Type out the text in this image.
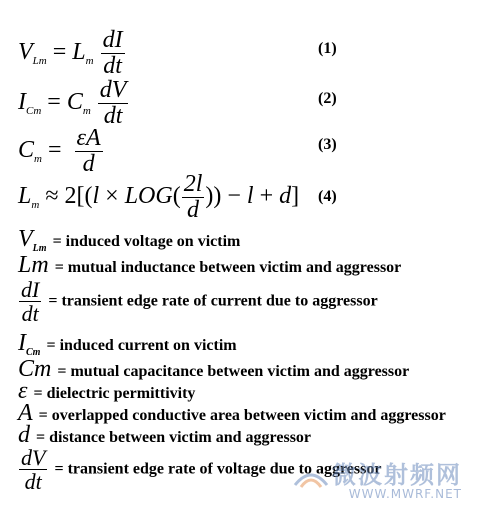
$V_{Lm} = L_m \frac{dI}{dt}$	(1)
$I_{Cm} = C_m \frac{dV}{dt}$	(2)
$C_m = \frac{\varepsilon A}{d}$	(3)
$L_m \approx 2[(l \times LOG( \frac{2l}{d}$ )) − l + d] (4)
$V_{Lm}$ = induced voltage on victim
Lm = mutual inductance between victim and aggressor
$\frac{dI}{dt}$ = transient edge rate of current due to aggressor
$I_{Cm}$ = induced current on victim
Cm = mutual capacitance between victim and aggressor
ε = dielectric permittivity
A = overlapped conductive area between victim and aggressor
d = distance between victim and aggressor
$\frac{dV}{dt}$ = transient edge rate of voltage due to aggressor
微波射频网
WWW.MWRF.NET
